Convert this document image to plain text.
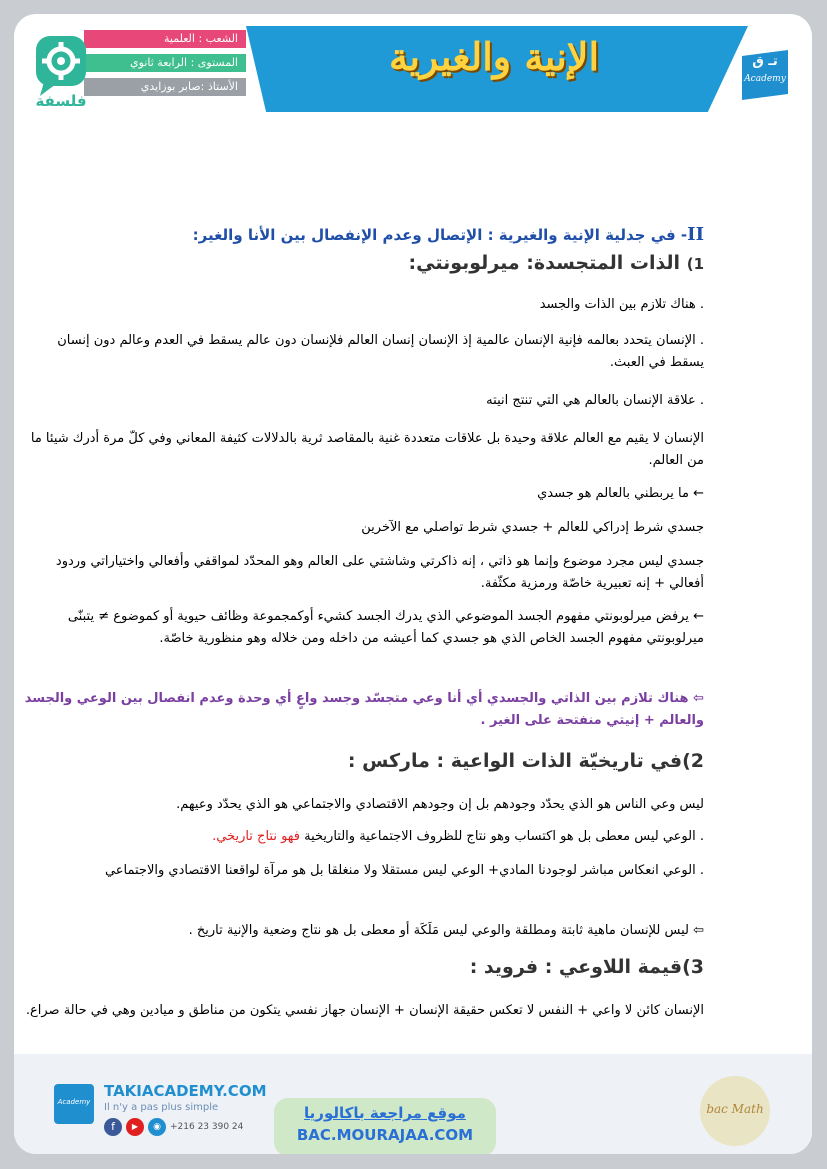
الإنية والغيرية
الشعب : العلمية
المستوى : الرابعة ثانوي
الأستاذ :صابر بوزايدي
فلسفة
تـ ق
Academy
II- في جدلية الإنية والغيرية : الإتصال وعدم الإنفصال بين الأنا والغير:
1) الذات المتجسدة: ميرلوبونتي:
. هناك تلازم بين الذات والجسد
. الإنسان يتحدد بعالمه فإنية الإنسان عالمية إذ الإنسان إنسان العالم فلإنسان دون عالم يسقط في العدم وعالم دون إنسان يسقط في العبث.
. علاقة الإنسان بالعالم هي التي تنتج انيته
الإنسان لا يقيم مع العالم علاقة وحيدة بل علاقات متعددة غنية بالمقاصد ثرية بالدلالات كثيفة المعاني وفي كلّ مرة أدرك شيئا ما من العالم.
← ما يربطني بالعالم هو جسدي
جسدي شرط إدراكي للعالم + جسدي شرط تواصلي مع الآخرين
جسدي ليس مجرد موضوع وإنما هو ذاتي ، إنه ذاكرتي وشاشتي على العالم وهو المحدّد لمواقفي وأفعالي واختياراتي وردود أفعالي + إنه تعبيرية خاصّة ورمزية مكثّفة.
← يرفض ميرلوبونتي مفهوم الجسد الموضوعي الذي يدرك الجسد كشيء أوكمجموعة وظائف حيوية أو كموضوع ≠ يتبنّى ميرلوبونتي مفهوم الجسد الخاص الذي هو جسدي كما أعيشه من داخله ومن خلاله وهو منظورية خاصّة.
⇦ هناك تلازم بين الذاتي والجسدي أي أنا وعي متجسّد وجسد واعٍ أي وحدة وعدم انفصال بين الوعي والجسد والعالم + إنيتي منفتحة على الغير .
2)في تاريخيّة الذات الواعية : ماركس :
ليس وعي الناس هو الذي يحدّد وجودهم بل إن وجودهم الاقتصادي والاجتماعي هو الذي يحدّد وعيهم.
. الوعي ليس معطى بل هو اكتساب وهو نتاج للظروف الاجتماعية والتاريخية فهو نتاج تاريخي.
. الوعي انعكاس مباشر لوجودنا المادي+ الوعي ليس مستقلا ولا منغلقا بل هو مرآة لواقعنا الاقتصادي والاجتماعي
⇦ ليس للإنسان ماهية ثابتة ومطلقة والوعي ليس مَلَكَة أو معطى بل هو نتاج وضعية والإنية تاريخ .
3)قيمة اللاوعي : فرويد :
الإنسان كائن لا واعي + النفس لا تعكس حقيقة الإنسان + الإنسان جهاز نفسي يتكون من مناطق و ميادين وهي في حالة صراع.
Academy
TAKIACADEMY.COM
Il n'y a pas plus simple
f	▶	◉	+216 23 390 24
موقع مراجعة باكالوريا
BAC.MOURAJAA.COM
bac Math
